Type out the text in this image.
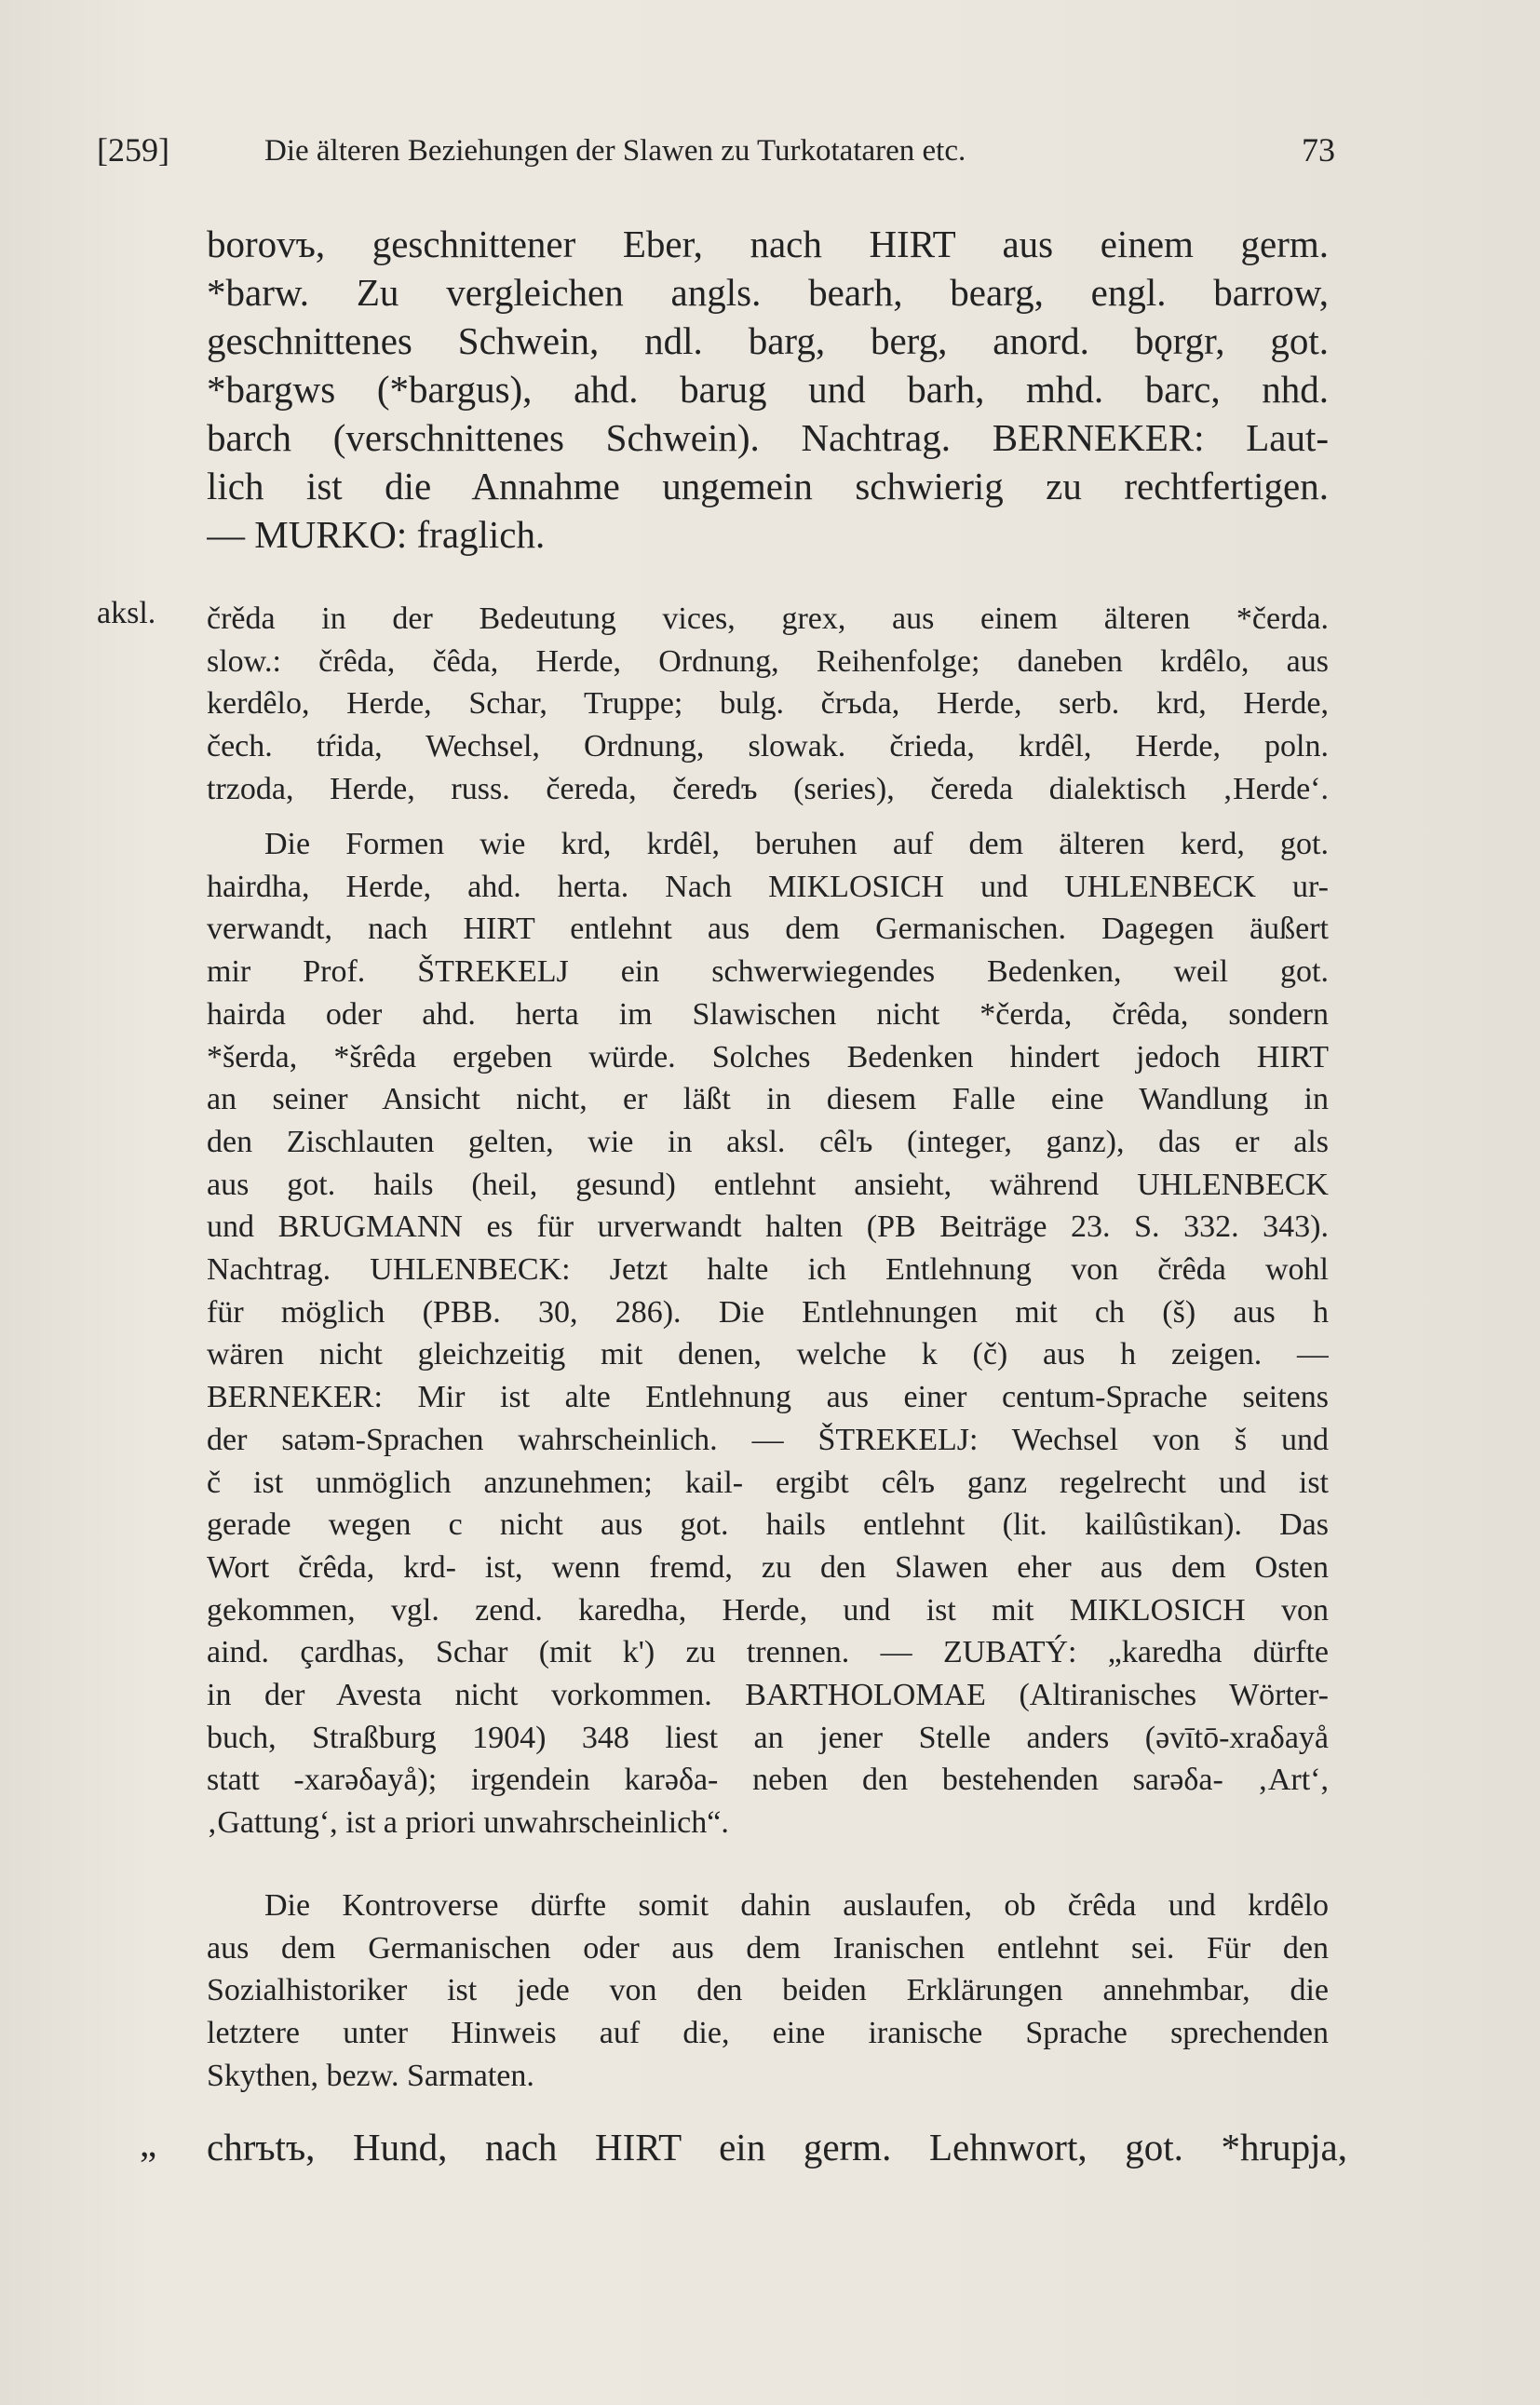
[259]	Die älteren Beziehungen der Slawen zu Turkotataren etc.	73
borovъ, geschnittener Eber, nach HIRT aus einem germ.
*barw. Zu vergleichen angls. bearh, bearg, engl. barrow,
geschnittenes Schwein, ndl. barg, berg, anord. bǫrgr, got.
*bargws (*bargus), ahd. barug und barh, mhd. barc, nhd.
barch (verschnittenes Schwein). Nachtrag. BERNEKER: Laut-
lich ist die Annahme ungemein schwierig zu rechtfertigen.
— MURKO: fraglich.
aksl. črěda in der Bedeutung vices, grex, aus einem älteren *čerda.
slow.: črêda, čêda, Herde, Ordnung, Reihenfolge; daneben krdêlo, aus
kerdêlo, Herde, Schar, Truppe; bulg. črъda, Herde, serb. krd, Herde,
čech. tŕida, Wechsel, Ordnung, slowak. črieda, krdêl, Herde, poln.
trzoda, Herde, russ. čereda, čeredъ (series), čereda dialektisch ‚Herde‘.
Die Formen wie krd, krdêl, beruhen auf dem älteren kerd, got.
hairdha, Herde, ahd. herta. Nach MIKLOSICH und UHLENBECK ur-
verwandt, nach HIRT entlehnt aus dem Germanischen. Dagegen äußert
mir Prof. ŠTREKELJ ein schwerwiegendes Bedenken, weil got.
hairda oder ahd. herta im Slawischen nicht *čerda, črêda, sondern
*šerda, *šrêda ergeben würde. Solches Bedenken hindert jedoch HIRT
an seiner Ansicht nicht, er läßt in diesem Falle eine Wandlung in
den Zischlauten gelten, wie in aksl. cêlъ (integer, ganz), das er als
aus got. hails (heil, gesund) entlehnt ansieht, während UHLENBECK
und BRUGMANN es für urverwandt halten (PB Beiträge 23. S. 332. 343).
Nachtrag. UHLENBECK: Jetzt halte ich Entlehnung von črêda wohl
für möglich (PBB. 30, 286). Die Entlehnungen mit ch (š) aus h
wären nicht gleichzeitig mit denen, welche k (č) aus h zeigen. —
BERNEKER: Mir ist alte Entlehnung aus einer centum-Sprache seitens
der satəm-Sprachen wahrscheinlich. — ŠTREKELJ: Wechsel von š und
č ist unmöglich anzunehmen; kail- ergibt cêlъ ganz regelrecht und ist
gerade wegen c nicht aus got. hails entlehnt (lit. kailûstikan). Das
Wort črêda, krd- ist, wenn fremd, zu den Slawen eher aus dem Osten
gekommen, vgl. zend. karedha, Herde, und ist mit MIKLOSICH von
aind. çardhas, Schar (mit k') zu trennen. — ZUBATÝ: „karedha dürfte
in der Avesta nicht vorkommen. BARTHOLOMAE (Altiranisches Wörter-
buch, Straßburg 1904) 348 liest an jener Stelle anders (əvītō-xraδayå
statt -xarəδayå); irgendein karəδa- neben den bestehenden sarəδa- ‚Art‘,
‚Gattung‘, ist a priori unwahrscheinlich“.
Die Kontroverse dürfte somit dahin auslaufen, ob črêda und krdêlo
aus dem Germanischen oder aus dem Iranischen entlehnt sei. Für den
Sozialhistoriker ist jede von den beiden Erklärungen annehmbar, die
letztere unter Hinweis auf die, eine iranische Sprache sprechenden
Skythen, bezw. Sarmaten.
„ chrъtъ, Hund, nach HIRT ein germ. Lehnwort, got. *hrupja,
